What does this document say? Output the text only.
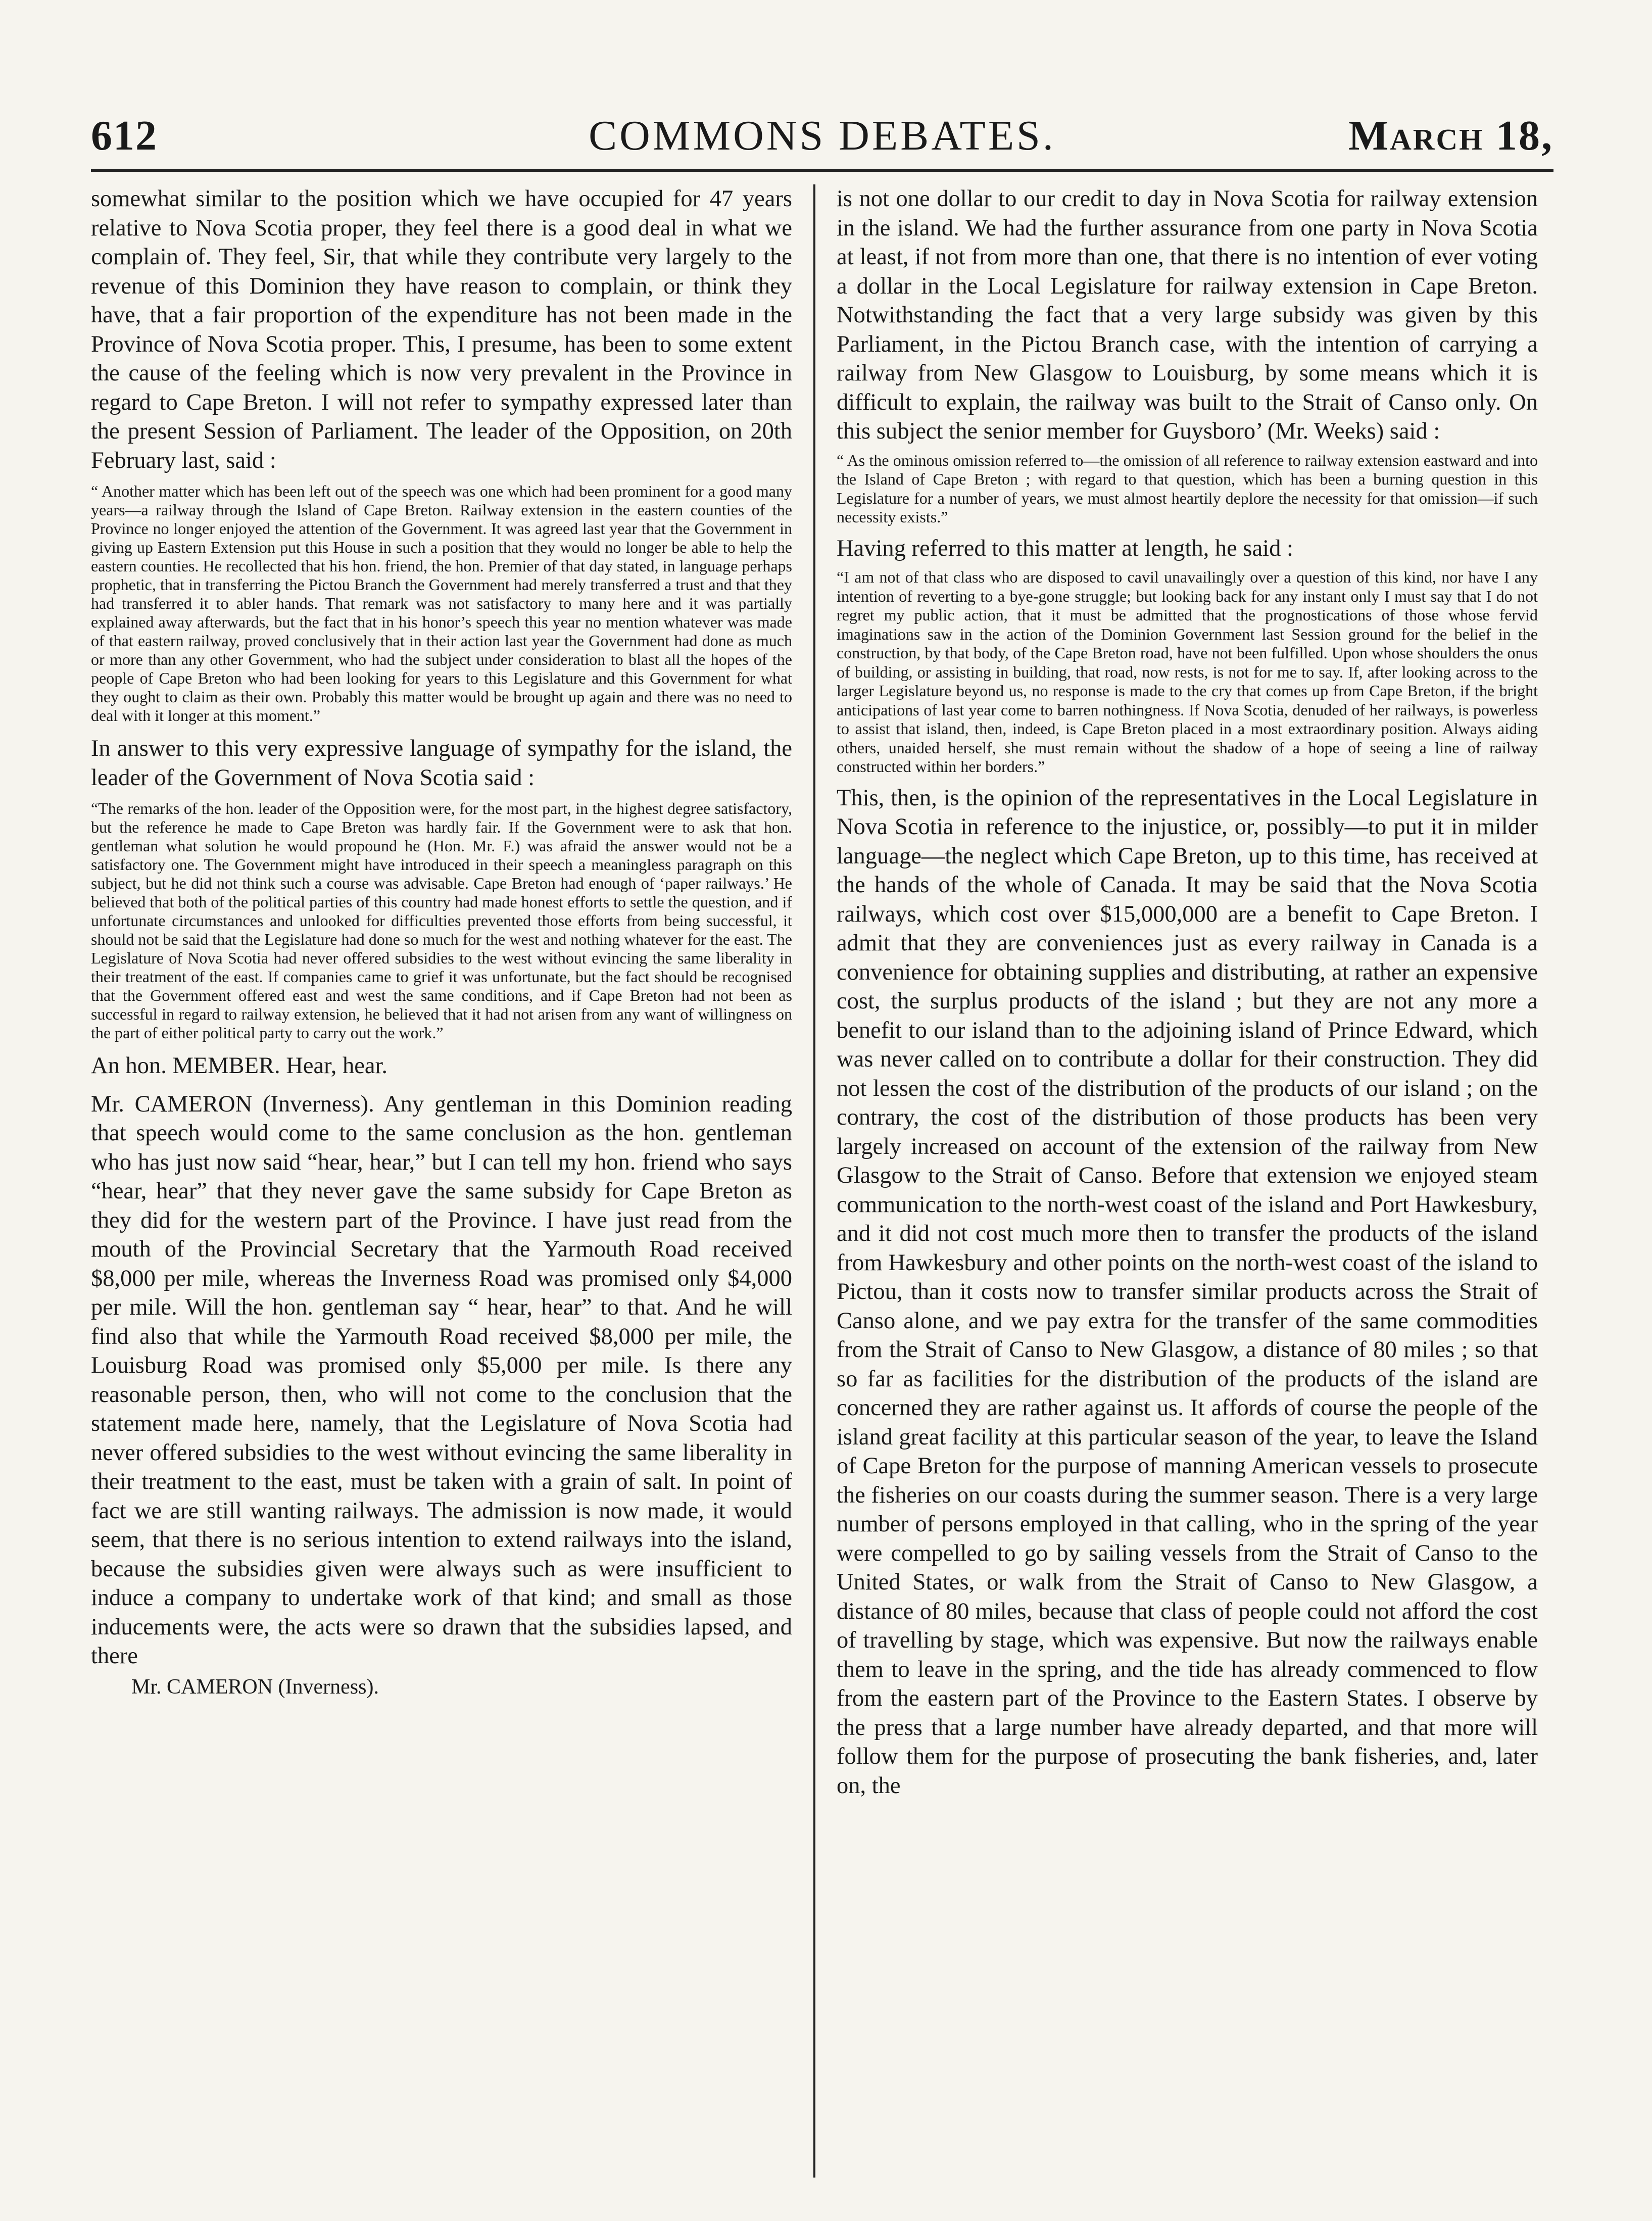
612	COMMONS DEBATES.	March 18,

somewhat similar to the position which we have occupied for 47 years relative to Nova Scotia proper, they feel there is a good deal in what we complain of. They feel, Sir, that while they contribute very largely to the revenue of this Dominion they have reason to complain, or think they have, that a fair proportion of the expenditure has not been made in the Province of Nova Scotia proper. This, I presume, has been to some extent the cause of the feeling which is now very prevalent in the Province in regard to Cape Breton. I will not refer to sympathy expressed later than the present Session of Parliament. The leader of the Opposition, on 20th February last, said :

“ Another matter which has been left out of the speech was one which had been prominent for a good many years—a railway through the Island of Cape Breton. Railway extension in the eastern counties of the Province no longer enjoyed the attention of the Government. It was agreed last year that the Government in giving up Eastern Extension put this House in such a position that they would no longer be able to help the eastern counties. He recollected that his hon. friend, the hon. Premier of that day stated, in language perhaps prophetic, that in transferring the Pictou Branch the Government had merely transferred a trust and that they had transferred it to abler hands. That remark was not satisfactory to many here and it was partially explained away afterwards, but the fact that in his honor’s speech this year no mention whatever was made of that eastern railway, proved conclusively that in their action last year the Government had done as much or more than any other Government, who had the subject under consideration to blast all the hopes of the people of Cape Breton who had been looking for years to this Legislature and this Government for what they ought to claim as their own. Probably this matter would be brought up again and there was no need to deal with it longer at this moment.”

In answer to this very expressive language of sympathy for the island, the leader of the Government of Nova Scotia said :

“The remarks of the hon. leader of the Opposition were, for the most part, in the highest degree satisfactory, but the reference he made to Cape Breton was hardly fair. If the Government were to ask that hon. gentleman what solution he would propound he (Hon. Mr. F.) was afraid the answer would not be a satisfactory one. The Government might have introduced in their speech a meaningless paragraph on this subject, but he did not think such a course was advisable. Cape Breton had enough of ‘paper railways.’ He believed that both of the political parties of this country had made honest efforts to settle the question, and if unfortunate circumstances and unlooked for difficulties prevented those efforts from being successful, it should not be said that the Legislature had done so much for the west and nothing whatever for the east. The Legislature of Nova Scotia had never offered subsidies to the west without evincing the same liberality in their treatment of the east. If companies came to grief it was unfortunate, but the fact should be recognised that the Government offered east and west the same conditions, and if Cape Breton had not been as successful in regard to railway extension, he believed that it had not arisen from any want of willingness on the part of either political party to carry out the work.”

An hon. MEMBER. Hear, hear.

Mr. CAMERON (Inverness). Any gentleman in this Dominion reading that speech would come to the same conclusion as the hon. gentleman who has just now said “hear, hear,” but I can tell my hon. friend who says “hear, hear” that they never gave the same subsidy for Cape Breton as they did for the western part of the Province. I have just read from the mouth of the Provincial Secretary that the Yarmouth Road received $8,000 per mile, whereas the Inverness Road was promised only $4,000 per mile. Will the hon. gentleman say “ hear, hear” to that. And he will find also that while the Yarmouth Road received $8,000 per mile, the Louisburg Road was promised only $5,000 per mile. Is there any reasonable person, then, who will not come to the conclusion that the statement made here, namely, that the Legislature of Nova Scotia had never offered subsidies to the west without evincing the same liberality in their treatment to the east, must be taken with a grain of salt. In point of fact we are still wanting railways. The admission is now made, it would seem, that there is no serious intention to extend railways into the island, because the subsidies given were always such as were insufficient to induce a company to undertake work of that kind; and small as those inducements were, the acts were so drawn that the subsidies lapsed, and there

Mr. CAMERON (Inverness).

is not one dollar to our credit to day in Nova Scotia for railway extension in the island. We had the further assurance from one party in Nova Scotia at least, if not from more than one, that there is no intention of ever voting a dollar in the Local Legislature for railway extension in Cape Breton. Notwithstanding the fact that a very large subsidy was given by this Parliament, in the Pictou Branch case, with the intention of carrying a railway from New Glasgow to Louisburg, by some means which it is difficult to explain, the railway was built to the Strait of Canso only. On this subject the senior member for Guysboro’ (Mr. Weeks) said :

“ As the ominous omission referred to—the omission of all reference to railway extension eastward and into the Island of Cape Breton ; with regard to that question, which has been a burning question in this Legislature for a number of years, we must almost heartily deplore the necessity for that omission—if such necessity exists.”

Having referred to this matter at length, he said :

“I am not of that class who are disposed to cavil unavailingly over a question of this kind, nor have I any intention of reverting to a bye-gone struggle; but looking back for any instant only I must say that I do not regret my public action, that it must be admitted that the prognostications of those whose fervid imaginations saw in the action of the Dominion Government last Session ground for the belief in the construction, by that body, of the Cape Breton road, have not been fulfilled. Upon whose shoulders the onus of building, or assisting in building, that road, now rests, is not for me to say. If, after looking across to the larger Legislature beyond us, no response is made to the cry that comes up from Cape Breton, if the bright anticipations of last year come to barren nothingness. If Nova Scotia, denuded of her railways, is powerless to assist that island, then, indeed, is Cape Breton placed in a most extraordinary position. Always aiding others, unaided herself, she must remain without the shadow of a hope of seeing a line of railway constructed within her borders.”

This, then, is the opinion of the representatives in the Local Legislature in Nova Scotia in reference to the injustice, or, possibly—to put it in milder language—the neglect which Cape Breton, up to this time, has received at the hands of the whole of Canada. It may be said that the Nova Scotia railways, which cost over $15,000,000 are a benefit to Cape Breton. I admit that they are conveniences just as every railway in Canada is a convenience for obtaining supplies and distributing, at rather an expensive cost, the surplus products of the island ; but they are not any more a benefit to our island than to the adjoining island of Prince Edward, which was never called on to contribute a dollar for their construction. They did not lessen the cost of the distribution of the products of our island ; on the contrary, the cost of the distribution of those products has been very largely increased on account of the extension of the railway from New Glasgow to the Strait of Canso. Before that extension we enjoyed steam communication to the north-west coast of the island and Port Hawkesbury, and it did not cost much more then to transfer the products of the island from Hawkesbury and other points on the north-west coast of the island to Pictou, than it costs now to transfer similar products across the Strait of Canso alone, and we pay extra for the transfer of the same commodities from the Strait of Canso to New Glasgow, a distance of 80 miles ; so that so far as facilities for the distribution of the products of the island are concerned they are rather against us. It affords of course the people of the island great facility at this particular season of the year, to leave the Island of Cape Breton for the purpose of manning American vessels to prosecute the fisheries on our coasts during the summer season. There is a very large number of persons employed in that calling, who in the spring of the year were compelled to go by sailing vessels from the Strait of Canso to the United States, or walk from the Strait of Canso to New Glasgow, a distance of 80 miles, because that class of people could not afford the cost of travelling by stage, which was expensive. But now the railways enable them to leave in the spring, and the tide has already commenced to flow from the eastern part of the Province to the Eastern States. I observe by the press that a large number have already departed, and that more will follow them for the purpose of prosecuting the bank fisheries, and, later on, the
